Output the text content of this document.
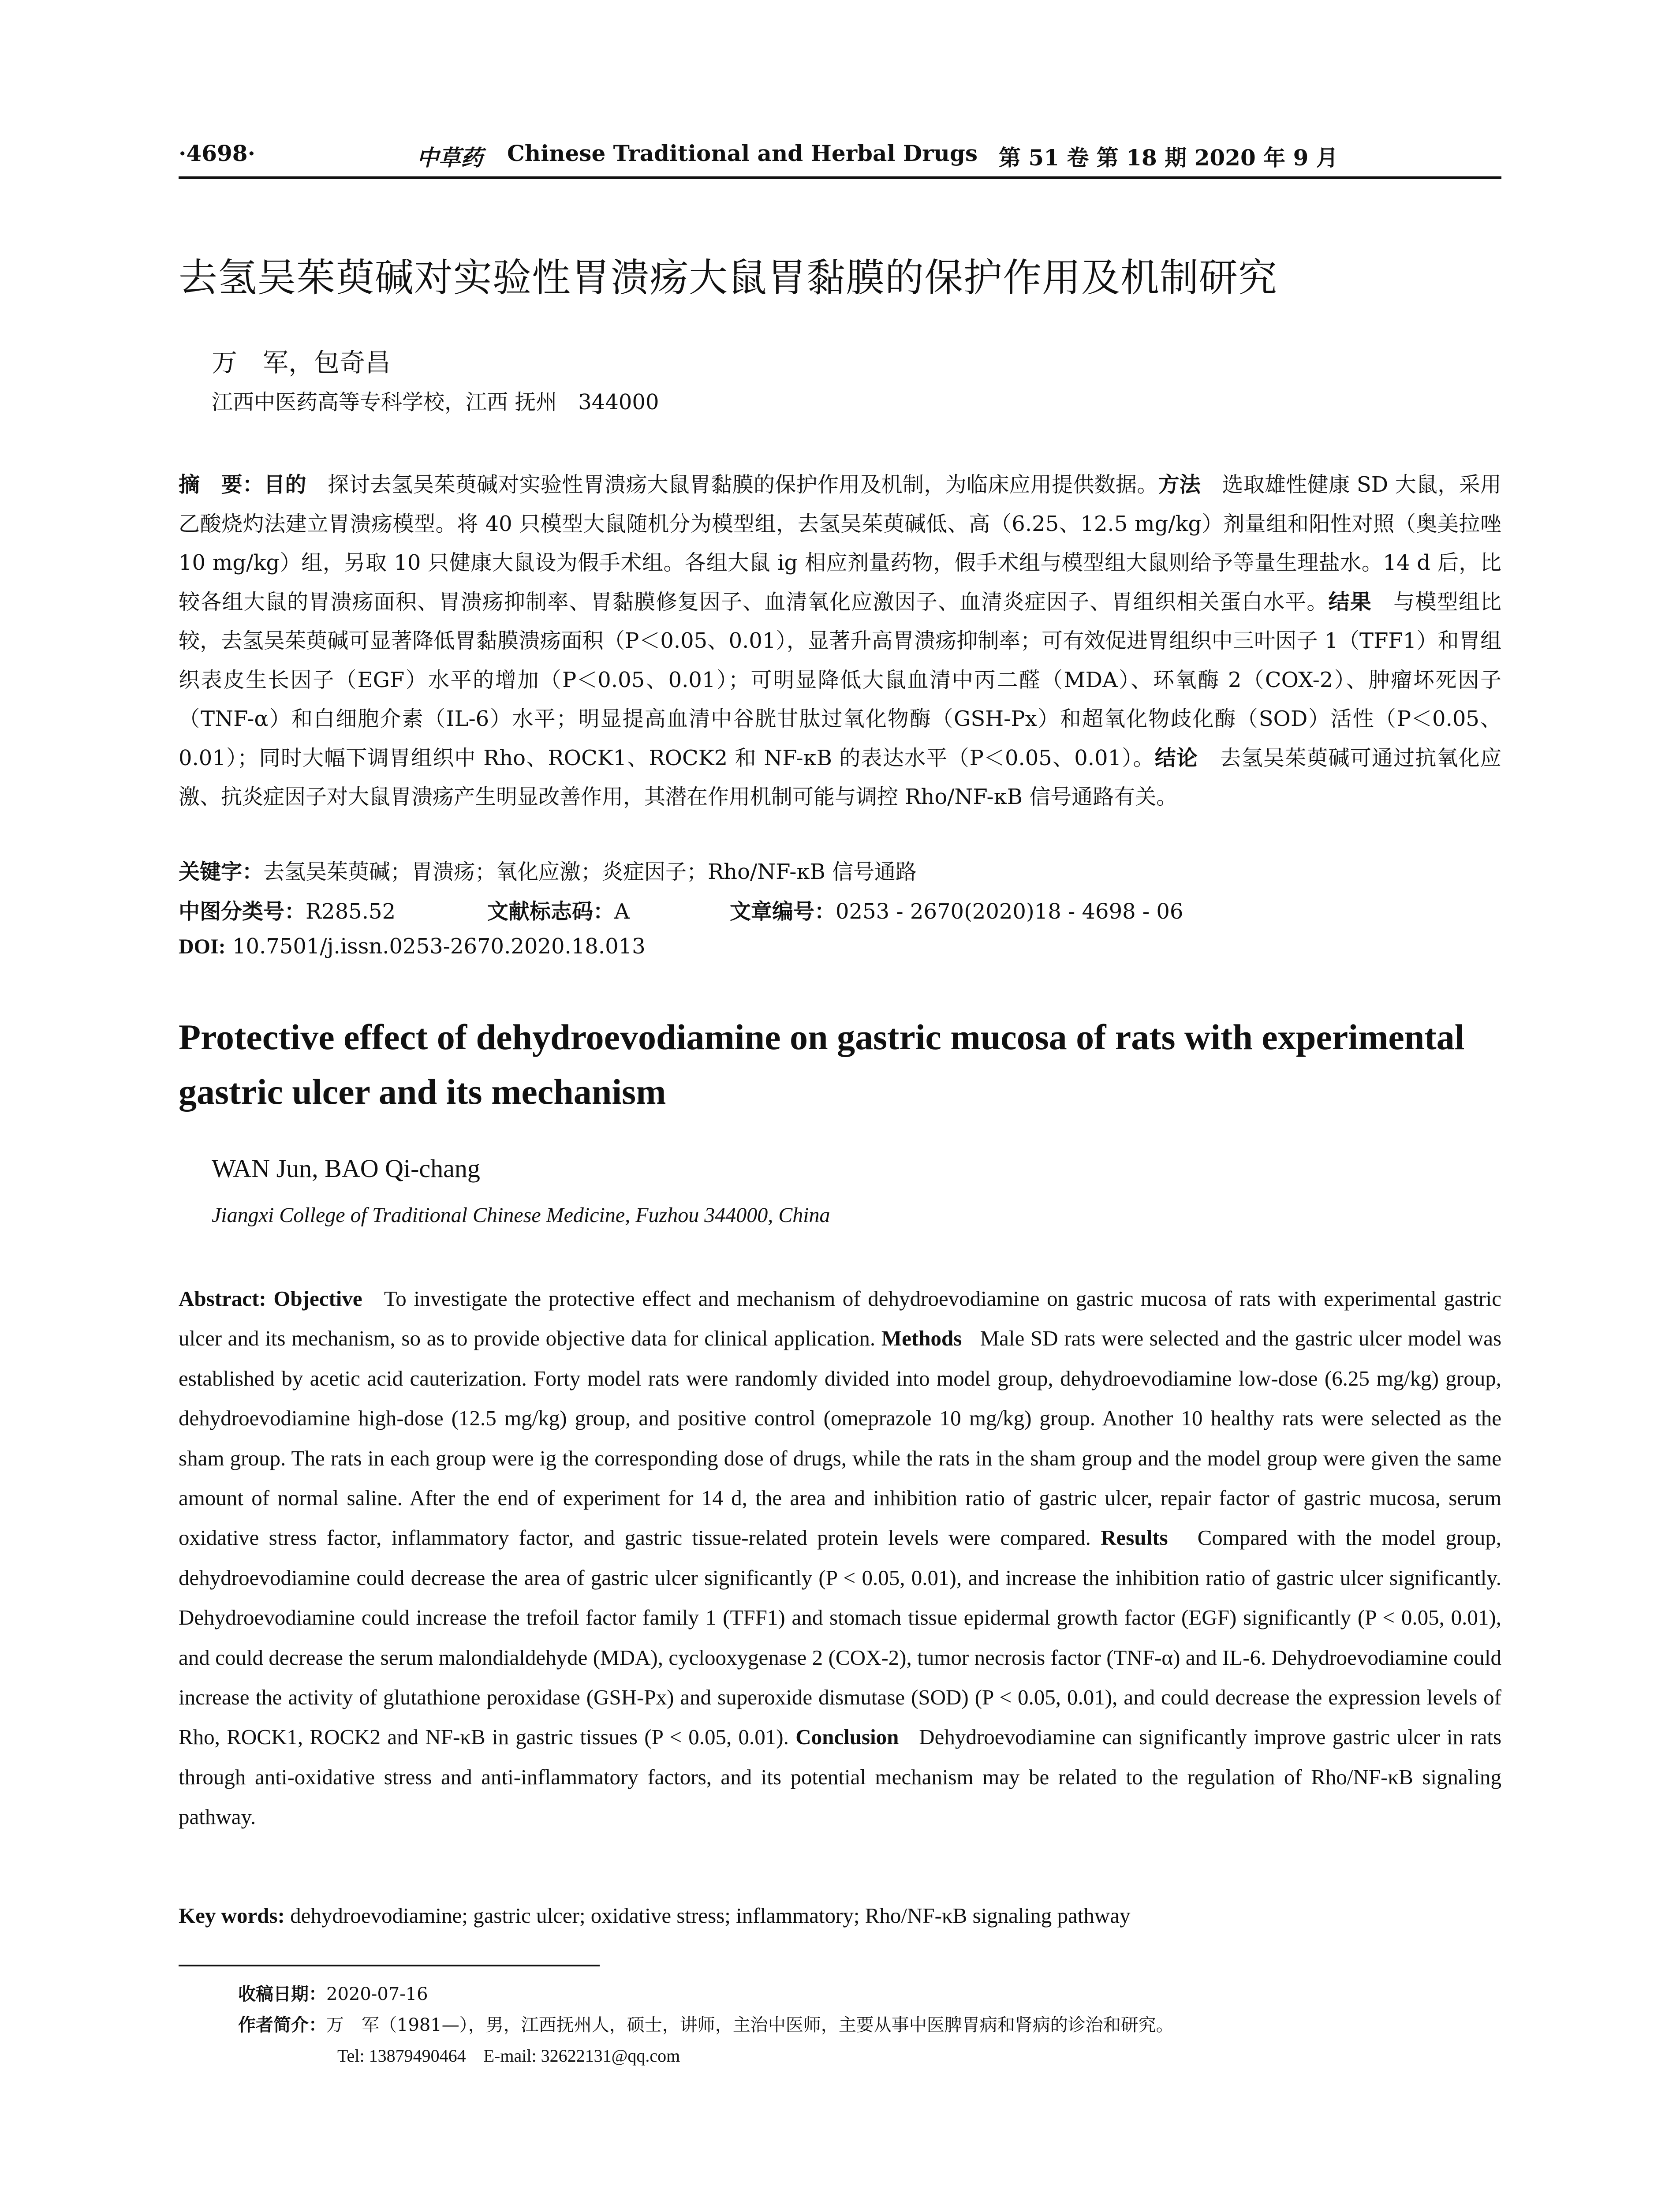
·4698·	中草药 Chinese Traditional and Herbal Drugs 第 51 卷 第 18 期 2020 年 9 月
去氢吴茱萸碱对实验性胃溃疡大鼠胃黏膜的保护作用及机制研究
万　军，包奇昌
江西中医药高等专科学校，江西 抚州　344000
摘　要：目的　 探讨去氢吴茱萸碱对实验性胃溃疡大鼠胃黏膜的保护作用及机制，为临床应用提供数据。方法　 选取雄性健康 SD 大鼠，采用乙酸烧灼法建立胃溃疡模型。将 40 只模型大鼠随机分为模型组，去氢吴茱萸碱低、高（6.25、12.5 mg/kg）剂量组和阳性对照（奥美拉唑 10 mg/kg）组，另取 10 只健康大鼠设为假手术组。各组大鼠 ig 相应剂量药物，假手术组与模型组大鼠则给予等量生理盐水。14 d 后，比较各组大鼠的胃溃疡面积、胃溃疡抑制率、胃黏膜修复因子、血清氧化应激因子、血清炎症因子、胃组织相关蛋白水平。结果　 与模型组比较，去氢吴茱萸碱可显著降低胃黏膜溃疡面积（P＜0.05、0.01），显著升高胃溃疡抑制率；可有效促进胃组织中三叶因子 1（TFF1）和胃组织表皮生长因子（EGF）水平的增加（P＜0.05、0.01）；可明显降低大鼠血清中丙二醛（MDA）、环氧酶 2（COX-2）、肿瘤坏死因子（TNF-α）和白细胞介素（IL-6）水平；明显提高血清中谷胱甘肽过氧化物酶（GSH-Px）和超氧化物歧化酶（SOD）活性（P＜0.05、0.01）；同时大幅下调胃组织中 Rho、ROCK1、ROCK2 和 NF-κB 的表达水平（P＜0.05、0.01）。结论　 去氢吴茱萸碱可通过抗氧化应激、抗炎症因子对大鼠胃溃疡产生明显改善作用，其潜在作用机制可能与调控 Rho/NF-κB 信号通路有关。
关键字：去氢吴茱萸碱；胃溃疡；氧化应激；炎症因子；Rho/NF-κB 信号通路
中图分类号：R285.52	文献标志码：A	文章编号：0253 - 2670(2020)18 - 4698 - 06
DOI: 10.7501/j.issn.0253-2670.2020.18.013
Protective effect of dehydroevodiamine on gastric mucosa of rats with experimental gastric ulcer and its mechanism
WAN Jun, BAO Qi-chang
Jiangxi College of Traditional Chinese Medicine, Fuzhou 344000, China
Abstract: Objective To investigate the protective effect and mechanism of dehydroevodiamine on gastric mucosa of rats with experimental gastric ulcer and its mechanism, so as to provide objective data for clinical application. Methods Male SD rats were selected and the gastric ulcer model was established by acetic acid cauterization. Forty model rats were randomly divided into model group, dehydroevodiamine low-dose (6.25 mg/kg) group, dehydroevodiamine high-dose (12.5 mg/kg) group, and positive control (omeprazole 10 mg/kg) group. Another 10 healthy rats were selected as the sham group. The rats in each group were ig the corresponding dose of drugs, while the rats in the sham group and the model group were given the same amount of normal saline. After the end of experiment for 14 d, the area and inhibition ratio of gastric ulcer, repair factor of gastric mucosa, serum oxidative stress factor, inflammatory factor, and gastric tissue-related protein levels were compared. Results Compared with the model group, dehydroevodiamine could decrease the area of gastric ulcer significantly (P < 0.05, 0.01), and increase the inhibition ratio of gastric ulcer significantly. Dehydroevodiamine could increase the trefoil factor family 1 (TFF1) and stomach tissue epidermal growth factor (EGF) significantly (P < 0.05, 0.01), and could decrease the serum malondialdehyde (MDA), cyclooxygenase 2 (COX-2), tumor necrosis factor (TNF-α) and IL-6. Dehydroevodiamine could increase the activity of glutathione peroxidase (GSH-Px) and superoxide dismutase (SOD) (P < 0.05, 0.01), and could decrease the expression levels of Rho, ROCK1, ROCK2 and NF-κB in gastric tissues (P < 0.05, 0.01). Conclusion Dehydroevodiamine can significantly improve gastric ulcer in rats through anti-oxidative stress and anti-inflammatory factors, and its potential mechanism may be related to the regulation of Rho/NF-κB signaling pathway.
Key words: dehydroevodiamine; gastric ulcer; oxidative stress; inflammatory; Rho/NF-κB signaling pathway
收稿日期：2020-07-16
作者简介：万　军（1981—），男，江西抚州人，硕士，讲师，主治中医师，主要从事中医脾胃病和肾病的诊治和研究。
Tel: 13879490464　E-mail: 32622131@qq.com
